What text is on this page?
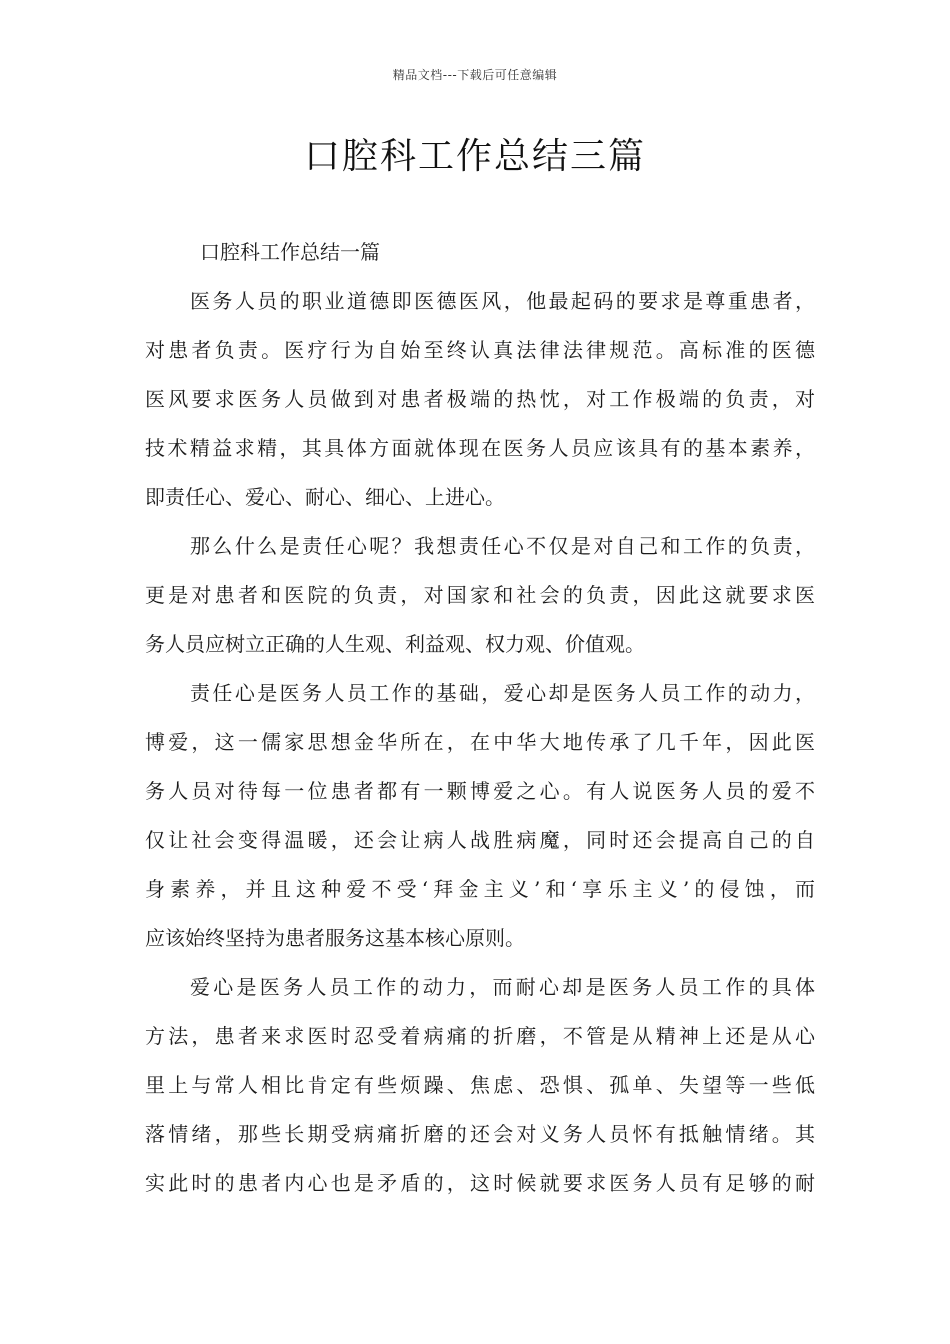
精品文档---下载后可任意编辑
口腔科工作总结三篇
口腔科工作总结一篇
医务人员的职业道德即医德医风，他最起码的要求是尊重患者，
对患者负责。医疗行为自始至终认真法律法律规范。高标准的医德
医风要求医务人员做到对患者极端的热忱，对工作极端的负责，对
技术精益求精，其具体方面就体现在医务人员应该具有的基本素养，
即责任心、爱心、耐心、细心、上进心。
那么什么是责任心呢？我想责任心不仅是对自己和工作的负责，
更是对患者和医院的负责，对国家和社会的负责，因此这就要求医
务人员应树立正确的人生观、利益观、权力观、价值观。
责任心是医务人员工作的基础，爱心却是医务人员工作的动力，
博爱，这一儒家思想金华所在，在中华大地传承了几千年，因此医
务人员对待每一位患者都有一颗博爱之心。有人说医务人员的爱不
仅让社会变得温暖，还会让病人战胜病魔，同时还会提高自己的自
身素养，并且这种爱不受‘拜金主义’和‘享乐主义’的侵蚀，而
应该始终坚持为患者服务这基本核心原则。
爱心是医务人员工作的动力，而耐心却是医务人员工作的具体
方法，患者来求医时忍受着病痛的折磨，不管是从精神上还是从心
里上与常人相比肯定有些烦躁、焦虑、恐惧、孤单、失望等一些低
落情绪，那些长期受病痛折磨的还会对义务人员怀有抵触情绪。其
实此时的患者内心也是矛盾的，这时候就要求医务人员有足够的耐
